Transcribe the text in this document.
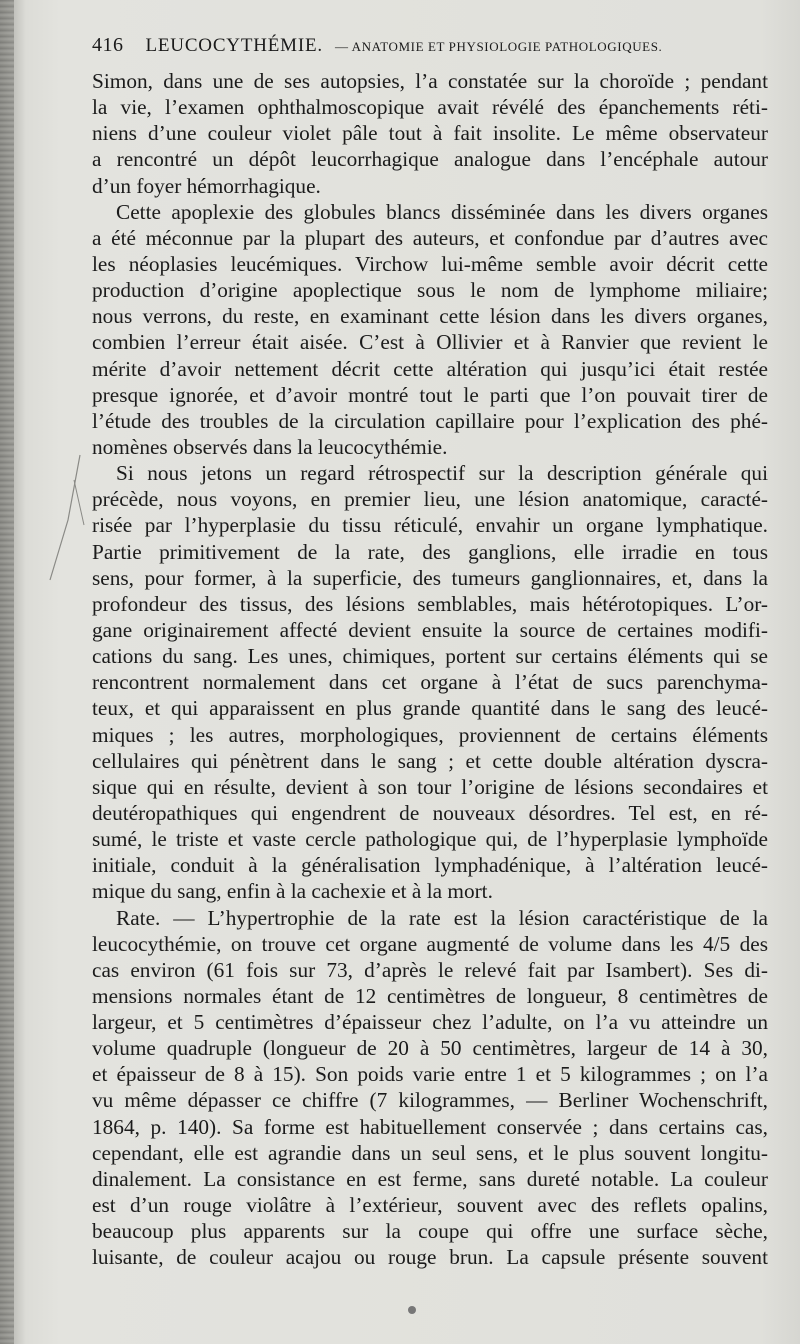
416 LEUCOCYTHÉMIE. — ANATOMIE ET PHYSIOLOGIE PATHOLOGIQUES.
Simon, dans une de ses autopsies, l’a constatée sur la choroïde ; pendant
la vie, l’examen ophthalmoscopique avait révélé des épanchements réti-
niens d’une couleur violet pâle tout à fait insolite. Le même observateur
a rencontré un dépôt leucorrhagique analogue dans l’encéphale autour
d’un foyer hémorrhagique.
Cette apoplexie des globules blancs disséminée dans les divers organes
a été méconnue par la plupart des auteurs, et confondue par d’autres avec
les néoplasies leucémiques. Virchow lui-même semble avoir décrit cette
production d’origine apoplectique sous le nom de lymphome miliaire;
nous verrons, du reste, en examinant cette lésion dans les divers organes,
combien l’erreur était aisée. C’est à Ollivier et à Ranvier que revient le
mérite d’avoir nettement décrit cette altération qui jusqu’ici était restée
presque ignorée, et d’avoir montré tout le parti que l’on pouvait tirer de
l’étude des troubles de la circulation capillaire pour l’explication des phé-
nomènes observés dans la leucocythémie.
Si nous jetons un regard rétrospectif sur la description générale qui
précède, nous voyons, en premier lieu, une lésion anatomique, caracté-
risée par l’hyperplasie du tissu réticulé, envahir un organe lymphatique.
Partie primitivement de la rate, des ganglions, elle irradie en tous
sens, pour former, à la superficie, des tumeurs ganglionnaires, et, dans la
profondeur des tissus, des lésions semblables, mais hétérotopiques. L’or-
gane originairement affecté devient ensuite la source de certaines modifi-
cations du sang. Les unes, chimiques, portent sur certains éléments qui se
rencontrent normalement dans cet organe à l’état de sucs parenchyma-
teux, et qui apparaissent en plus grande quantité dans le sang des leucé-
miques ; les autres, morphologiques, proviennent de certains éléments
cellulaires qui pénètrent dans le sang ; et cette double altération dyscra-
sique qui en résulte, devient à son tour l’origine de lésions secondaires et
deutéropathiques qui engendrent de nouveaux désordres. Tel est, en ré-
sumé, le triste et vaste cercle pathologique qui, de l’hyperplasie lymphoïde
initiale, conduit à la généralisation lymphadénique, à l’altération leucé-
mique du sang, enfin à la cachexie et à la mort.
Rate. — L’hypertrophie de la rate est la lésion caractéristique de la
leucocythémie, on trouve cet organe augmenté de volume dans les 4/5 des
cas environ (61 fois sur 73, d’après le relevé fait par Isambert). Ses di-
mensions normales étant de 12 centimètres de longueur, 8 centimètres de
largeur, et 5 centimètres d’épaisseur chez l’adulte, on l’a vu atteindre un
volume quadruple (longueur de 20 à 50 centimètres, largeur de 14 à 30,
et épaisseur de 8 à 15). Son poids varie entre 1 et 5 kilogrammes ; on l’a
vu même dépasser ce chiffre (7 kilogrammes, — Berliner Wochenschrift,
1864, p. 140). Sa forme est habituellement conservée ; dans certains cas,
cependant, elle est agrandie dans un seul sens, et le plus souvent longitu-
dinalement. La consistance en est ferme, sans dureté notable. La couleur
est d’un rouge violâtre à l’extérieur, souvent avec des reflets opalins,
beaucoup plus apparents sur la coupe qui offre une surface sèche,
luisante, de couleur acajou ou rouge brun. La capsule présente souvent
